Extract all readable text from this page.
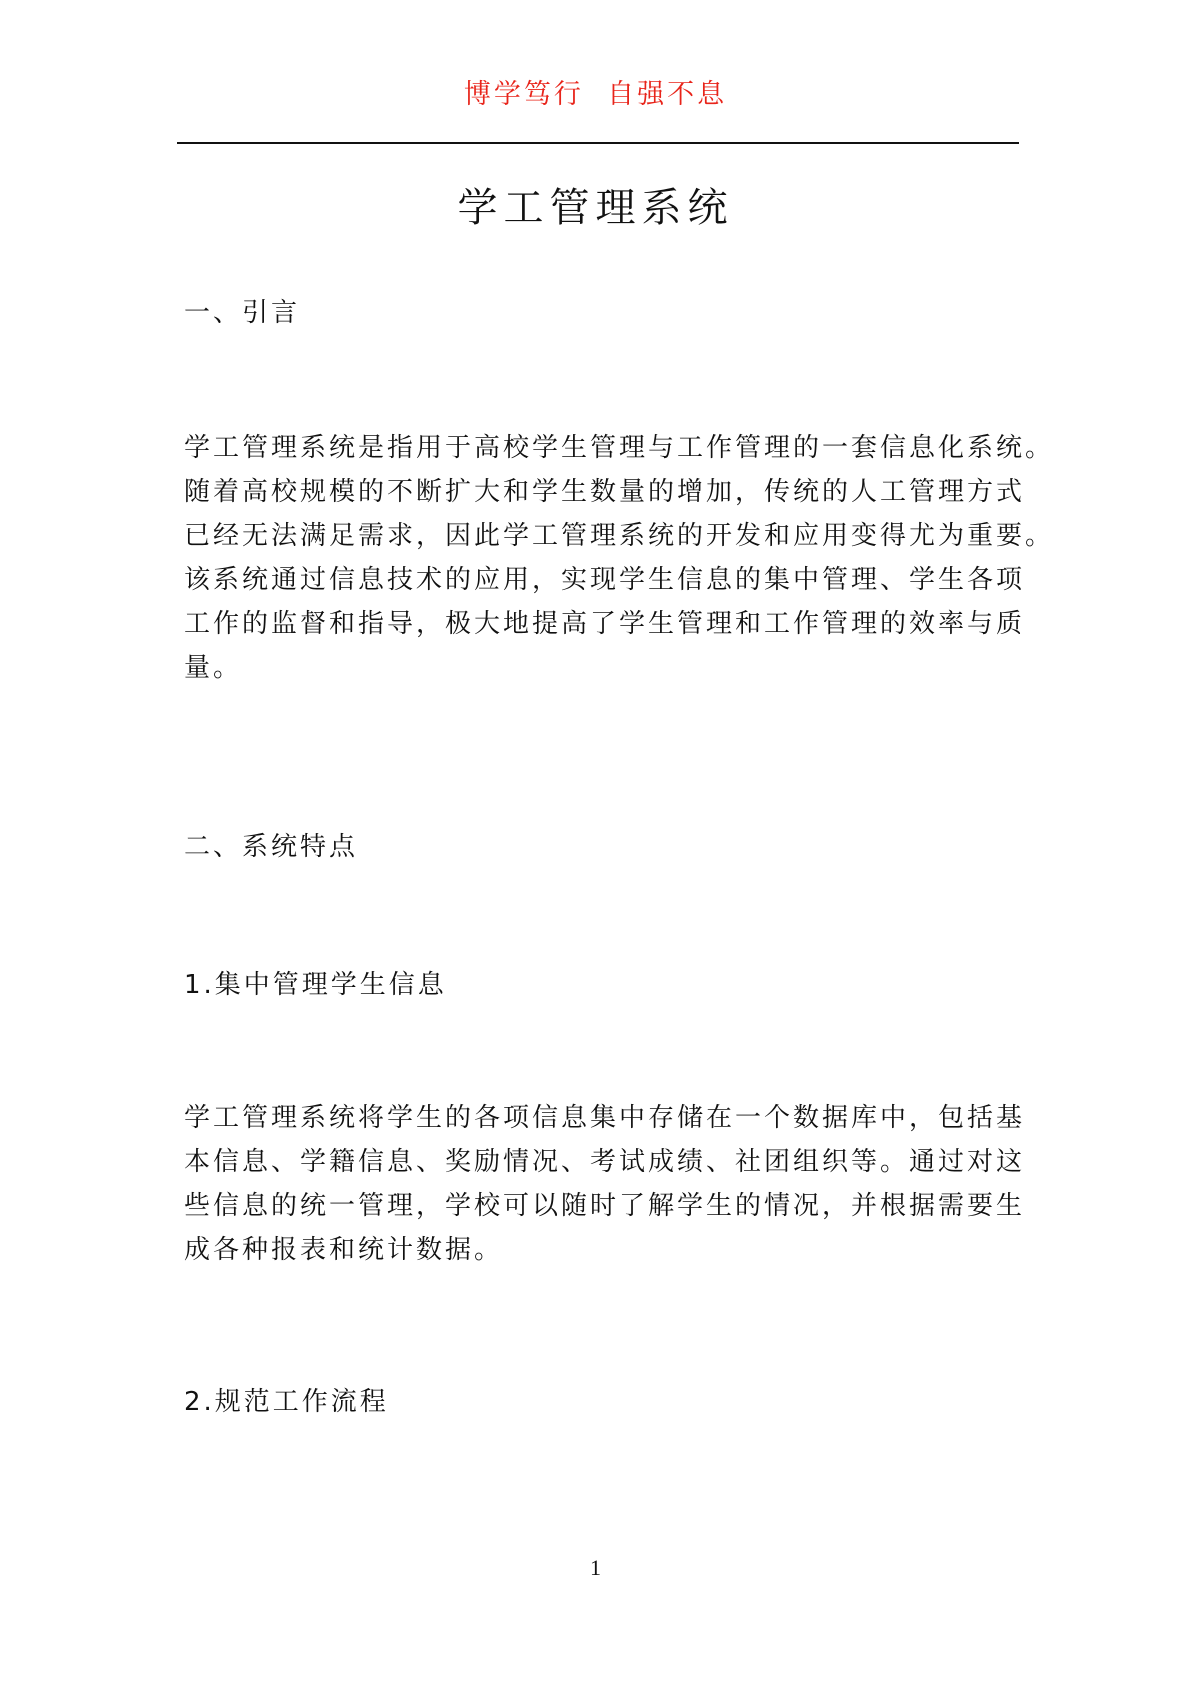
博学笃行  自强不息
学工管理系统
一、引言
学工管理系统是指用于高校学生管理与工作管理的一套信息化系统。
随着高校规模的不断扩大和学生数量的增加，传统的人工管理方式
已经无法满足需求，因此学工管理系统的开发和应用变得尤为重要。
该系统通过信息技术的应用，实现学生信息的集中管理、学生各项
工作的监督和指导，极大地提高了学生管理和工作管理的效率与质
量。
二、系统特点
1.集中管理学生信息
学工管理系统将学生的各项信息集中存储在一个数据库中，包括基
本信息、学籍信息、奖励情况、考试成绩、社团组织等。通过对这
些信息的统一管理，学校可以随时了解学生的情况，并根据需要生
成各种报表和统计数据。
2.规范工作流程
1
